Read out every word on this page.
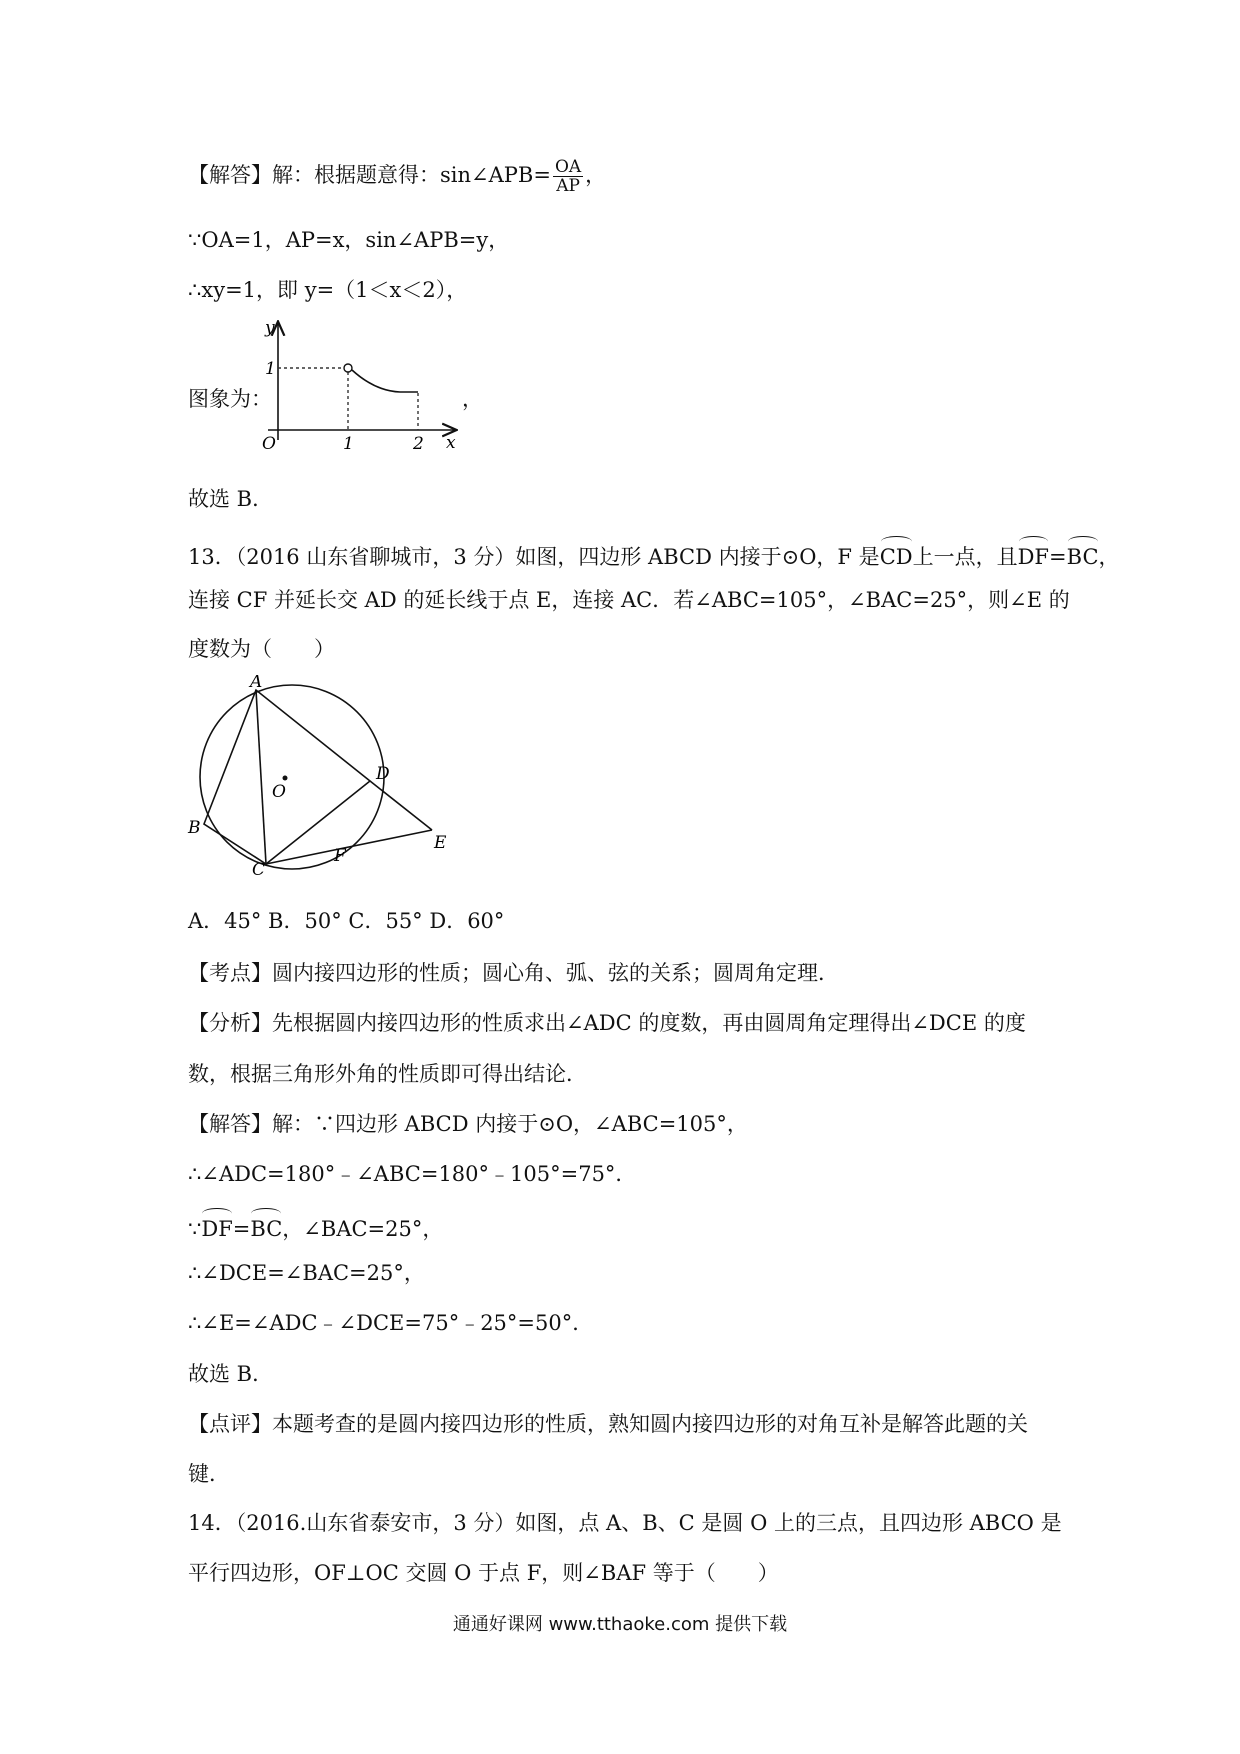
【解答】解：根据题意得：sin∠APB= $\frac{OA}{AP}$ ，
∵OA=1，AP=x，sin∠APB=y，
∴xy=1，即 y=（1＜x＜2），
图象为：
y
x
O
1
1	2
，
故选 B．
13．（2016 山东省聊城市，3 分）如图，四边形 ABCD 内接于⊙O，F 是CD上一点，且DF=BC，
连接 CF 并延长交 AD 的延长线于点 E，连接 AC．若∠ABC=105°，∠BAC=25°，则∠E 的
度数为（　　）
A
B
C
D
E
F
O
A．45° B．50° C．55° D．60°
【考点】圆内接四边形的性质；圆心角、弧、弦的关系；圆周角定理．
【分析】先根据圆内接四边形的性质求出∠ADC 的度数，再由圆周角定理得出∠DCE 的度
数，根据三角形外角的性质即可得出结论．
【解答】解：∵四边形 ABCD 内接于⊙O，∠ABC=105°，
∴∠ADC=180°﹣∠ABC=180°﹣105°=75°．
∵DF=BC，∠BAC=25°，
∴∠DCE=∠BAC=25°，
∴∠E=∠ADC﹣∠DCE=75°﹣25°=50°．
故选 B．
【点评】本题考查的是圆内接四边形的性质，熟知圆内接四边形的对角互补是解答此题的关
键．
14．（2016.山东省泰安市，3 分）如图，点 A、B、C 是圆 O 上的三点，且四边形 ABCO 是
平行四边形，OF⊥OC 交圆 O 于点 F，则∠BAF 等于（　　）
通通好课网 www.tthaoke.com 提供下载
